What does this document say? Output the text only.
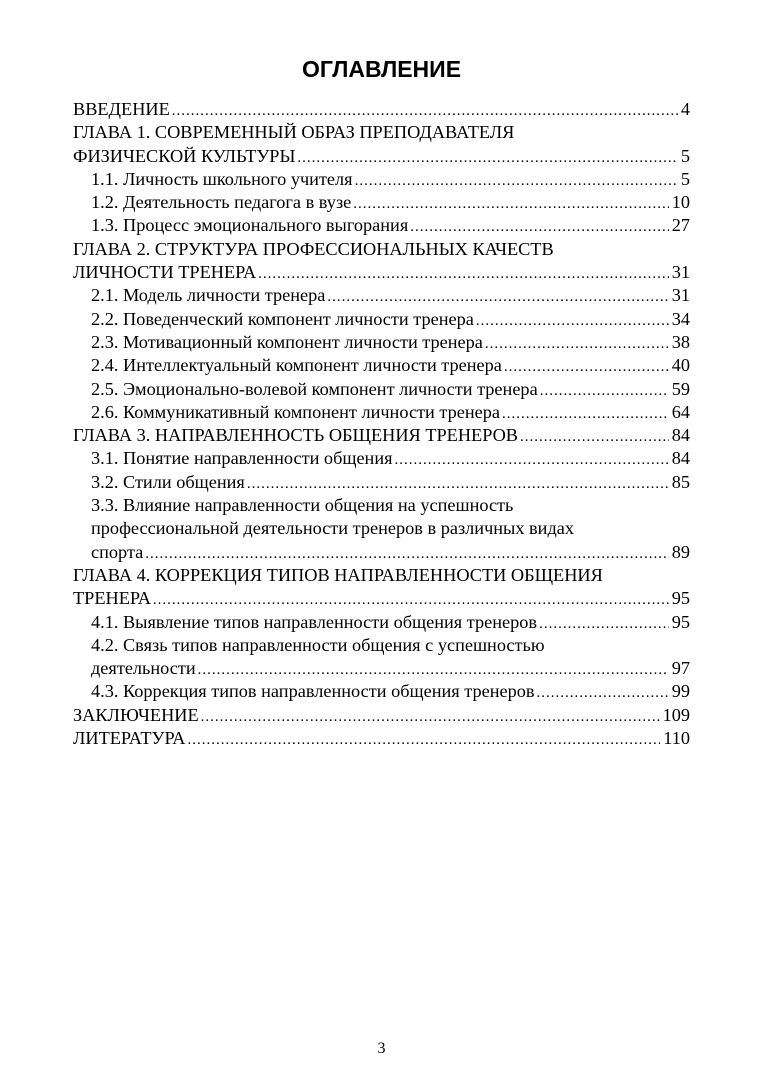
ОГЛАВЛЕНИЕ
ВВЕДЕНИЕ .....	4
ГЛАВА 1. СОВРЕМЕННЫЙ ОБРАЗ ПРЕПОДАВАТЕЛЯ
ФИЗИЧЕСКОЙ КУЛЬТУРЫ .....	5
1.1. Личность школьного учителя .....	5
1.2. Деятельность педагога в вузе .....	10
1.3. Процесс эмоционального выгорания .....	27
ГЛАВА 2. СТРУКТУРА ПРОФЕССИОНАЛЬНЫХ КАЧЕСТВ
ЛИЧНОСТИ ТРЕНЕРА .....	31
2.1. Модель личности тренера .....	31
2.2. Поведенческий компонент личности тренера .....	34
2.3. Мотивационный компонент личности тренера .....	38
2.4. Интеллектуальный компонент личности тренера .....	40
2.5. Эмоционально-волевой компонент личности тренера .....	59
2.6. Коммуникативный компонент личности тренера .....	64
ГЛАВА 3. НАПРАВЛЕННОСТЬ ОБЩЕНИЯ ТРЕНЕРОВ .....	84
3.1. Понятие направленности общения .....	84
3.2. Стили общения .....	85
3.3. Влияние направленности общения на успешность
профессиональной деятельности тренеров в различных видах
спорта .....	89
ГЛАВА 4. КОРРЕКЦИЯ ТИПОВ НАПРАВЛЕННОСТИ ОБЩЕНИЯ
ТРЕНЕРА .....	95
4.1. Выявление типов направленности общения тренеров .....	95
4.2. Связь типов направленности общения с успешностью
деятельности .....	97
4.3. Коррекция типов направленности общения тренеров .....	99
ЗАКЛЮЧЕНИЕ .....	109
ЛИТЕРАТУРА .....	110
3
